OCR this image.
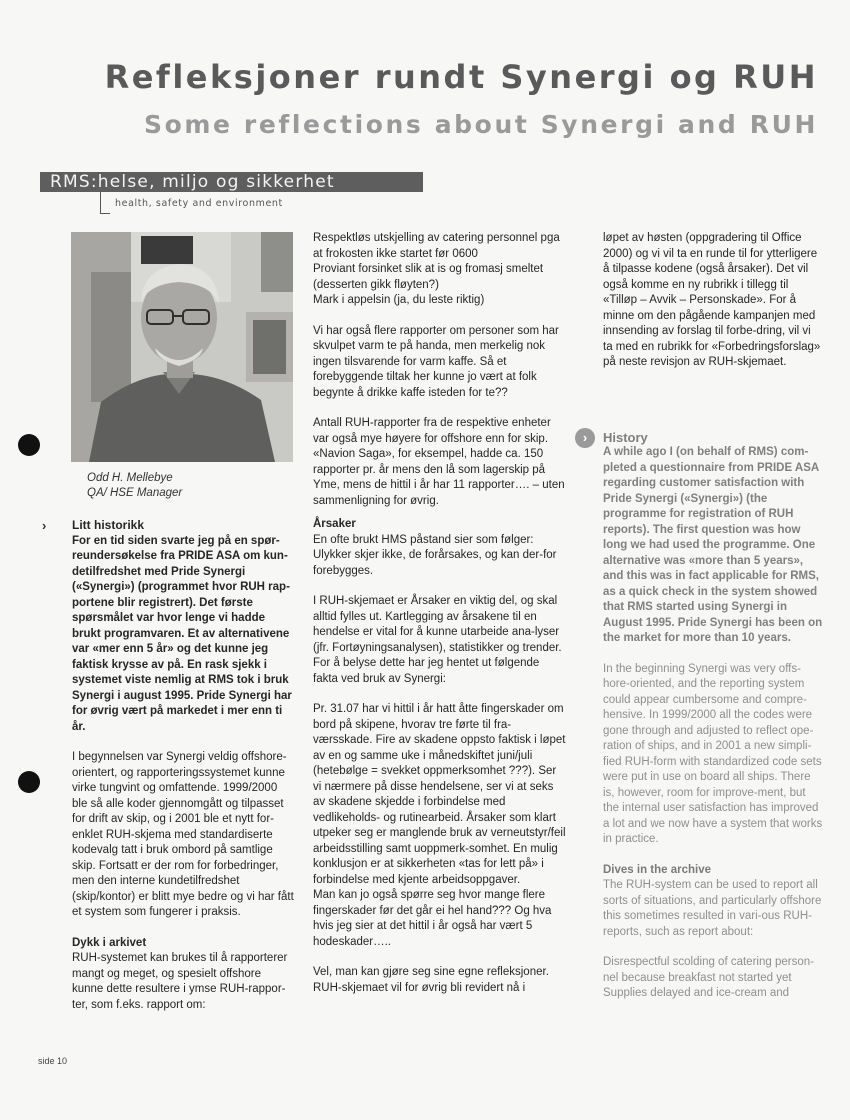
Refleksjoner rundt Synergi og RUH
Some reflections about Synergi and RUH
RMS:helse, miljo og sikkerhet
health, safety and environment
Odd H. Mellebye
QA/ HSE Manager
› Litt historikk

For en tid siden svarte jeg på en spør-reundersøkelse fra PRIDE ASA om kun-detilfredshet med Pride Synergi («Synergi») (programmet hvor RUH rap-portene blir registrert). Det første spørsmålet var hvor lenge vi hadde brukt programvaren. Et av alternativene var «mer enn 5 år» og det kunne jeg faktisk krysse av på. En rask sjekk i systemet viste nemlig at RMS tok i bruk Synergi i august 1995. Pride Synergi har for øvrig vært på markedet i mer enn ti år.

I begynnelsen var Synergi veldig offshore-orientert, og rapporteringssystemet kunne virke tungvint og omfattende. 1999/2000 ble så alle koder gjennomgått og tilpasset for drift av skip, og i 2001 ble et nytt for-enklet RUH-skjema med standardiserte kodevalg tatt i bruk ombord på samtlige skip. Fortsatt er der rom for forbedringer, men den interne kundetilfredshet (skip/kontor) er blitt mye bedre og vi har fått et system som fungerer i praksis.

Dykk i arkivet

RUH-systemet kan brukes til å rapporterer mangt og meget, og spesielt offshore kunne dette resultere i ymse RUH-rappor-ter, som f.eks. rapport om:

Respektløs utskjelling av catering personnel pga at frokosten ikke startet før 0600

Proviant forsinket slik at is og fromasj smeltet (desserten gikk fløyten?)

Mark i appelsin (ja, du leste riktig)

Vi har også flere rapporter om personer som har skvulpet varm te på handa, men merkelig nok ingen tilsvarende for varm kaffe. Så et forebyggende tiltak her kunne jo vært at folk begynte å drikke kaffe isteden for te??

Antall RUH-rapporter fra de respektive enheter var også mye høyere for offshore enn for skip. «Navion Saga», for eksempel, hadde ca. 150 rapporter pr. år mens den lå som lagerskip på Yme, mens de hittil i år har 11 rapporter…. – uten sammenligning for øvrig.

Årsaker

En ofte brukt HMS påstand sier som følger: Ulykker skjer ikke, de forårsakes, og kan der-for forebygges.

I RUH-skjemaet er Årsaker en viktig del, og skal alltid fylles ut. Kartlegging av årsakene til en hendelse er vital for å kunne utarbeide ana-lyser (jfr. Fortøyningsanalysen), statistikker og trender. For å belyse dette har jeg hentet ut følgende fakta ved bruk av Synergi:

Pr. 31.07 har vi hittil i år hatt åtte fingerskader om bord på skipene, hvorav tre førte til fra-værsskade. Fire av skadene oppsto faktisk i løpet av en og samme uke i månedskiftet juni/juli (hetebølge = svekket oppmerksomhet ???). Ser vi nærmere på disse hendelsene, ser vi at seks av skadene skjedde i forbindelse med vedlikeholds- og rutinearbeid. Årsaker som klart utpeker seg er manglende bruk av verneutstyr/feil arbeidsstilling samt uoppmerk-somhet. En mulig konklusjon er at sikkerheten «tas for lett på» i forbindelse med kjente arbeidsoppgaver.

Man kan jo også spørre seg hvor mange flere fingerskader før det går ei hel hand??? Og hva hvis jeg sier at det hittil i år også har vært 5 hodeskader…..

Vel, man kan gjøre seg sine egne refleksjoner. RUH-skjemaet vil for øvrig bli revidert nå i

løpet av høsten (oppgradering til Office 2000) og vi vil ta en runde til for ytterligere å tilpasse kodene (også årsaker). Det vil også komme en ny rubrikk i tillegg til «Tilløp – Avvik – Personskade». For å minne om den pågående kampanjen med innsending av forslag til forbe-dring, vil vi ta med en rubrikk for «Forbedringsforslag» på neste revisjon av RUH-skjemaet.

›	History

A while ago I (on behalf of RMS) com-pleted a questionnaire from PRIDE ASA regarding customer satisfaction with Pride Synergi («Synergi») (the programme for registration of RUH reports). The first question was how long we had used the programme. One alternative was «more than 5 years», and this was in fact applicable for RMS, as a quick check in the system showed that RMS started using Synergi in August 1995. Pride Synergi has been on the market for more than 10 years.

In the beginning Synergi was very offs-hore-oriented, and the reporting system could appear cumbersome and compre-hensive. In 1999/2000 all the codes were gone through and adjusted to reflect ope-ration of ships, and in 2001 a new simpli-fied RUH-form with standardized code sets were put in use on board all ships. There is, however, room for improve-ment, but the internal user satisfaction has improved a lot and we now have a system that works in practice.

Dives in the archive

The RUH-system can be used to report all sorts of situations, and particularly offshore this sometimes resulted in vari-ous RUH-reports, such as report about:

Disrespectful scolding of catering person-nel because breakfast not started yet Supplies delayed and ice-cream and

side 10
